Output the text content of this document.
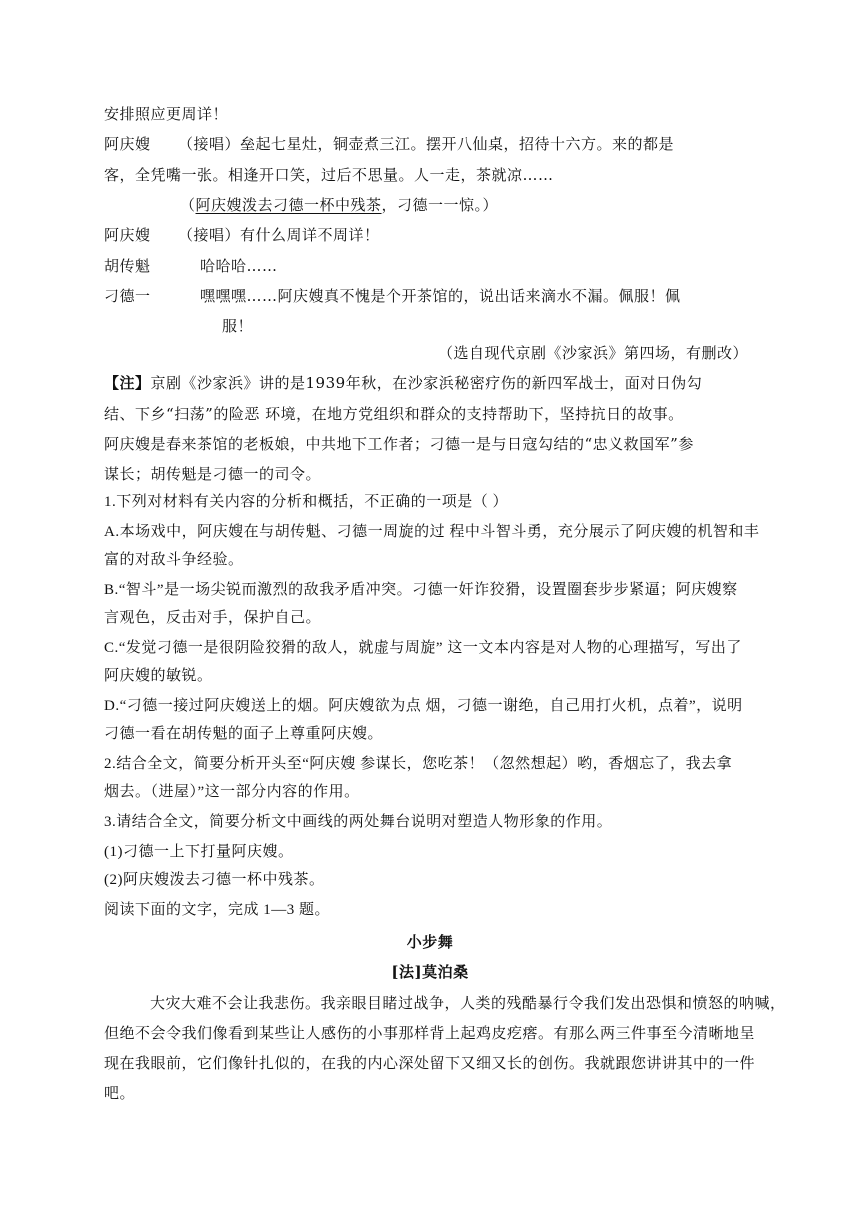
安排照应更周详！
阿庆嫂 （接唱）垒起七星灶，铜壶煮三江。摆开八仙桌，招待十六方。来的都是
客，全凭嘴一张。相逢开口笑，过后不思量。人一走，茶就凉……
（阿庆嫂泼去刁德一杯中残茶，刁德一一惊。）
阿庆嫂 （接唱）有什么周详不周详！
胡传魁	哈哈哈……
刁德一	嘿嘿嘿……阿庆嫂真不愧是个开茶馆的，说出话来滴水不漏。佩服！佩
服！
（选自现代京剧《沙家浜》第四场，有删改）
【注】京剧《沙家浜》讲的是1939年秋，在沙家浜秘密疗伤的新四军战士，面对日伪勾
结、下乡“扫荡”的险恶 环境，在地方党组织和群众的支持帮助下，坚持抗日的故事。
阿庆嫂是春来茶馆的老板娘，中共地下工作者；刁德一是与日寇勾结的“忠义救国军”参
谋长；胡传魁是刁德一的司令。
1.下列对材料有关内容的分析和概括，不正确的一项是（ ）
A.本场戏中，阿庆嫂在与胡传魁、刁德一周旋的过 程中斗智斗勇，充分展示了阿庆嫂的机智和丰
富的对敌斗争经验。
B.“智斗”是一场尖锐而激烈的敌我矛盾冲突。刁德一奸诈狡猾，设置圈套步步紧逼；阿庆嫂察
言观色，反击对手，保护自己。
C.“发觉刁德一是很阴险狡猾的敌人，就虚与周旋” 这一文本内容是对人物的心理描写，写出了
阿庆嫂的敏锐。
D.“刁德一接过阿庆嫂送上的烟。阿庆嫂欲为点 烟，刁德一谢绝，自己用打火机，点着”，说明
刁德一看在胡传魁的面子上尊重阿庆嫂。
2.结合全文，简要分析开头至“阿庆嫂 参谋长，您吃茶！（忽然想起）哟，香烟忘了，我去拿
烟去。（进屋）”这一部分内容的作用。
3.请结合全文，简要分析文中画线的两处舞台说明对塑造人物形象的作用。
(1)刁德一上下打量阿庆嫂。
(2)阿庆嫂泼去刁德一杯中残茶。
阅读下面的文字，完成 1—3 题。
小步舞
[法]莫泊桑
大灾大难不会让我悲伤。我亲眼目睹过战争，人类的残酷暴行令我们发出恐惧和愤怒的呐喊，
但绝不会令我们像看到某些让人感伤的小事那样背上起鸡皮疙瘩。有那么两三件事至今清晰地呈
现在我眼前，它们像针扎似的，在我的内心深处留下又细又长的创伤。我就跟您讲讲其中的一件
吧。
